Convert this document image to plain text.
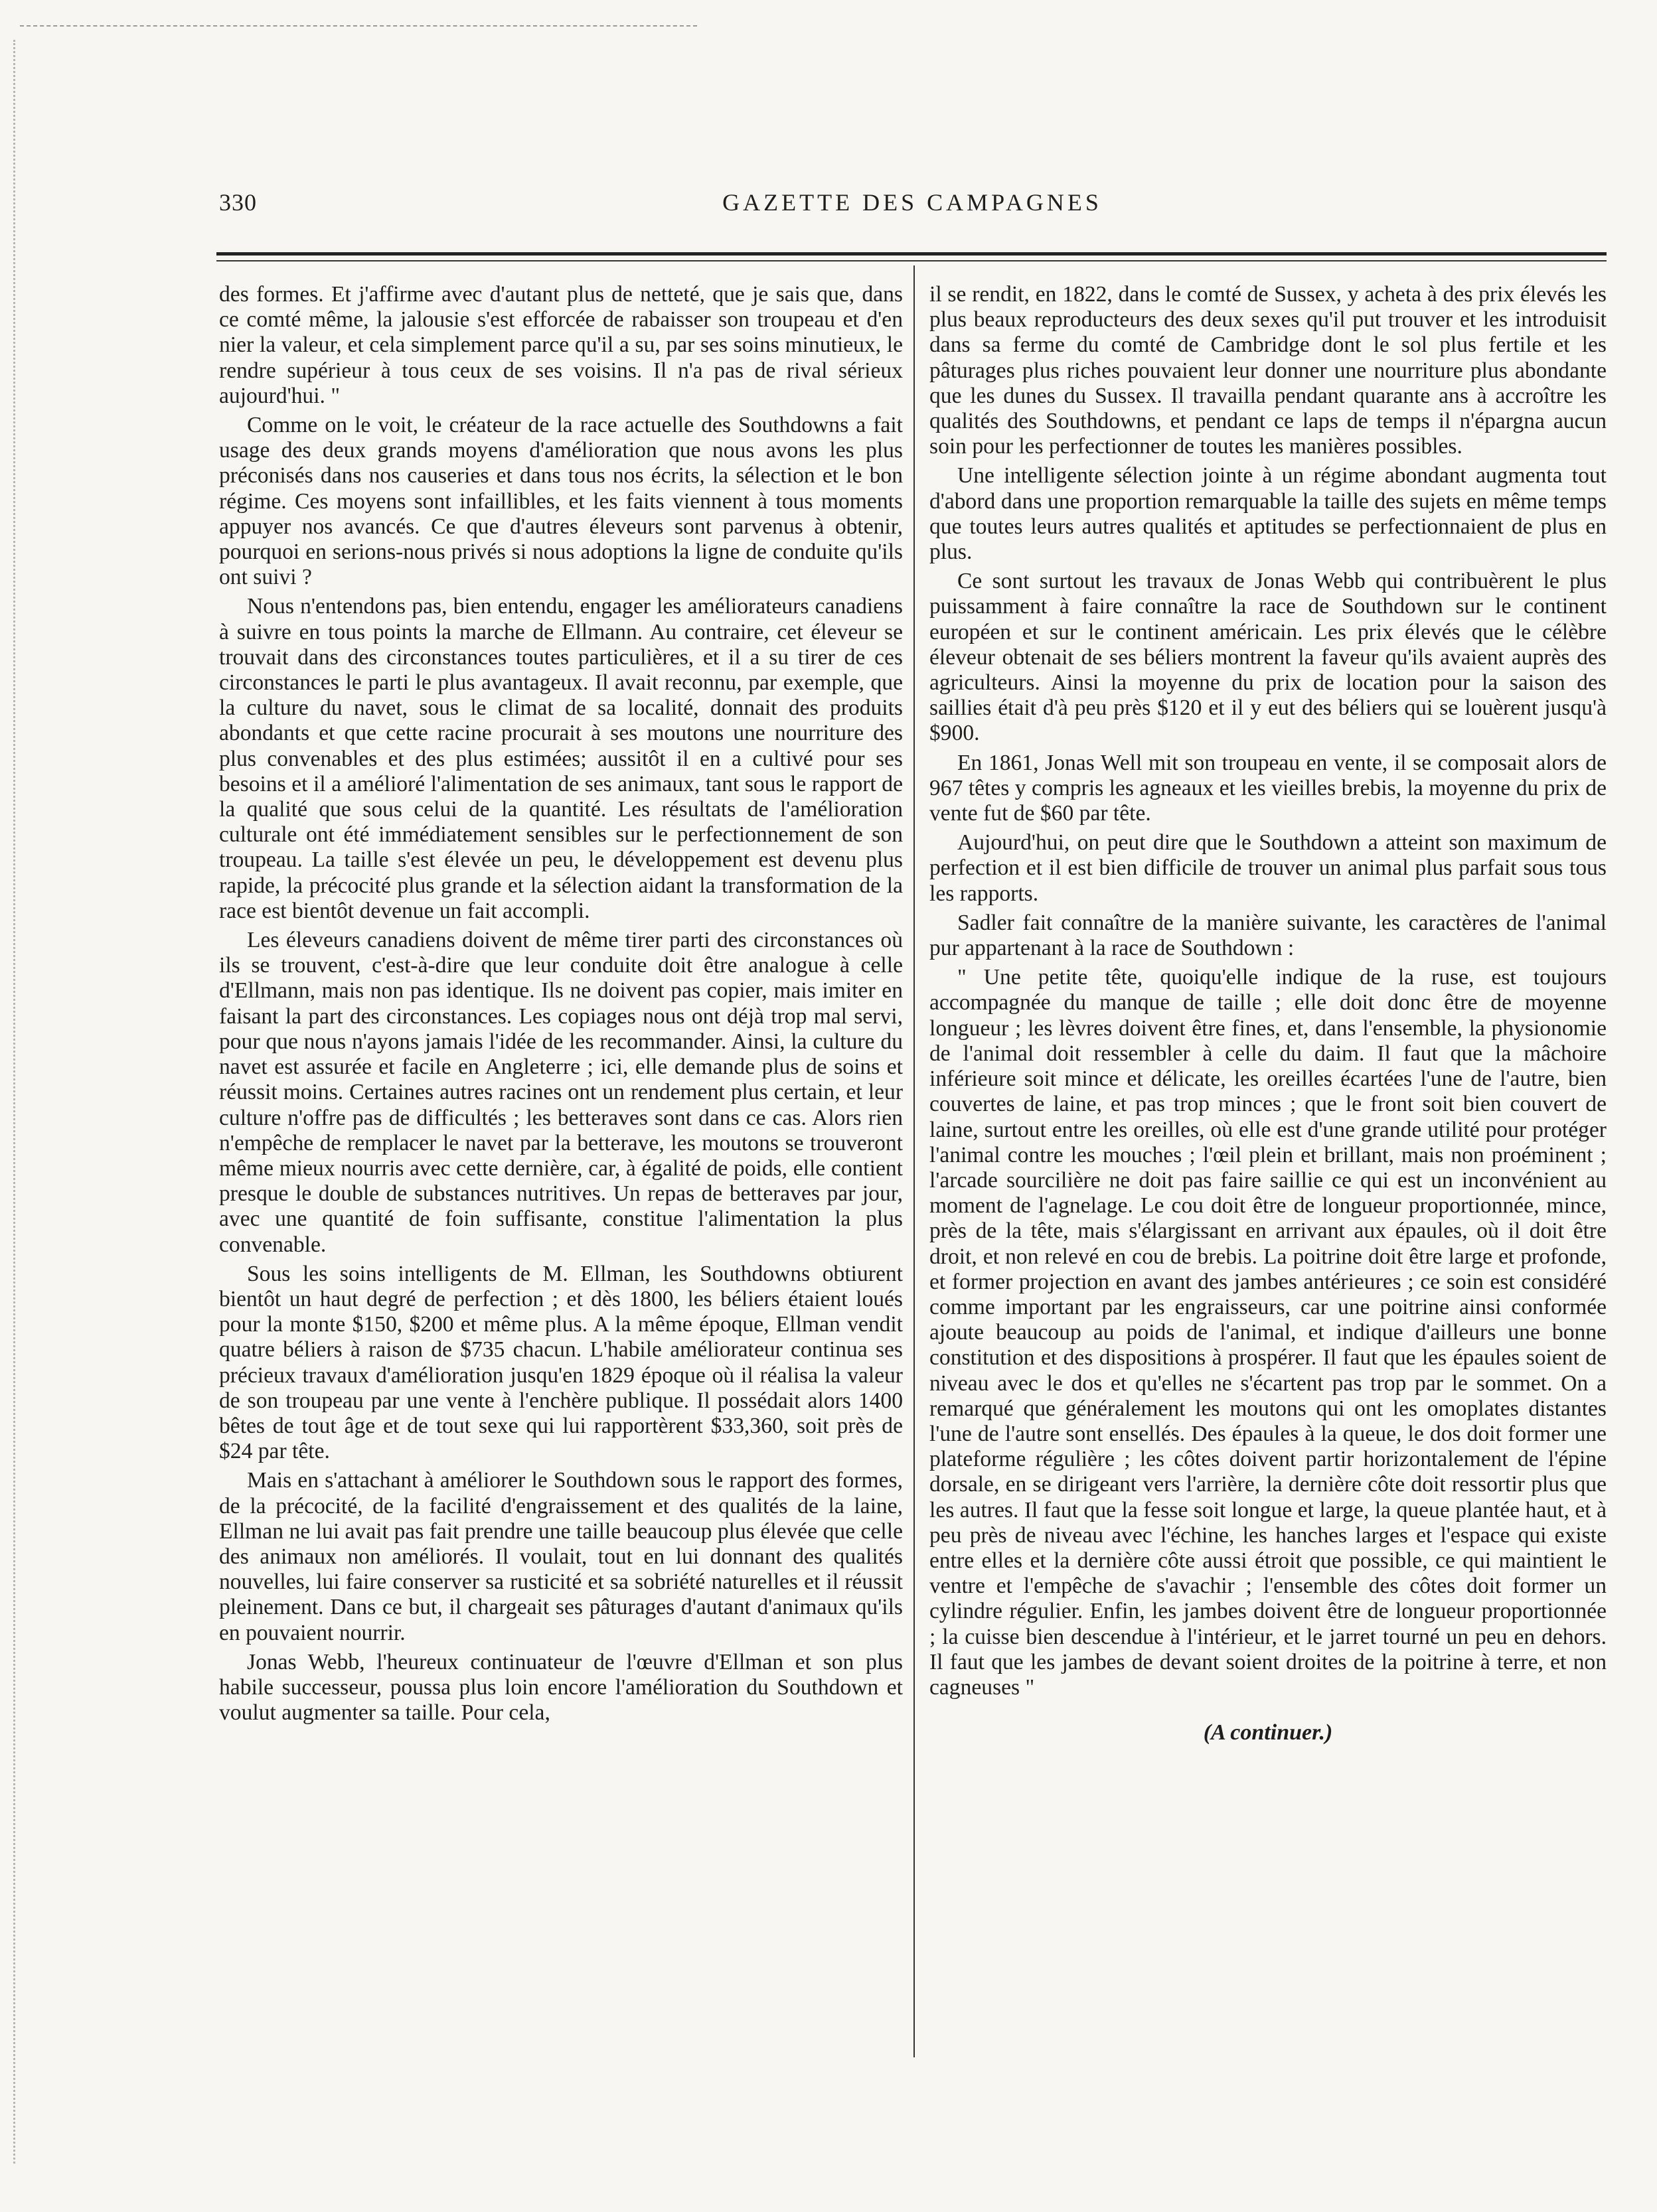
330	GAZETTE DES CAMPAGNES

des formes. Et j'affirme avec d'autant plus de netteté, que je sais que, dans ce comté même, la jalousie s'est efforcée de rabaisser son troupeau et d'en nier la valeur, et cela simplement parce qu'il a su, par ses soins minutieux, le rendre supérieur à tous ceux de ses voisins. Il n'a pas de rival sérieux aujourd'hui. "

Comme on le voit, le créateur de la race actuelle des Southdowns a fait usage des deux grands moyens d'amélioration que nous avons les plus préconisés dans nos causeries et dans tous nos écrits, la sélection et le bon régime. Ces moyens sont infaillibles, et les faits viennent à tous moments appuyer nos avancés. Ce que d'autres éleveurs sont parvenus à obtenir, pourquoi en serions-nous privés si nous adoptions la ligne de conduite qu'ils ont suivi ?

Nous n'entendons pas, bien entendu, engager les améliorateurs canadiens à suivre en tous points la marche de Ellmann. Au contraire, cet éleveur se trouvait dans des circonstances toutes particulières, et il a su tirer de ces circonstances le parti le plus avantageux. Il avait reconnu, par exemple, que la culture du navet, sous le climat de sa localité, donnait des produits abondants et que cette racine procurait à ses moutons une nourriture des plus convenables et des plus estimées; aussitôt il en a cultivé pour ses besoins et il a amélioré l'alimentation de ses animaux, tant sous le rapport de la qualité que sous celui de la quantité. Les résultats de l'amélioration culturale ont été immédiatement sensibles sur le perfectionnement de son troupeau. La taille s'est élevée un peu, le développement est devenu plus rapide, la précocité plus grande et la sélection aidant la transformation de la race est bientôt devenue un fait accompli.

Les éleveurs canadiens doivent de même tirer parti des circonstances où ils se trouvent, c'est-à-dire que leur conduite doit être analogue à celle d'Ellmann, mais non pas identique. Ils ne doivent pas copier, mais imiter en faisant la part des circonstances. Les copiages nous ont déjà trop mal servi, pour que nous n'ayons jamais l'idée de les recommander. Ainsi, la culture du navet est assurée et facile en Angleterre ; ici, elle demande plus de soins et réussit moins. Certaines autres racines ont un rendement plus certain, et leur culture n'offre pas de difficultés ; les betteraves sont dans ce cas. Alors rien n'empêche de remplacer le navet par la betterave, les moutons se trouveront même mieux nourris avec cette dernière, car, à égalité de poids, elle contient presque le double de substances nutritives. Un repas de betteraves par jour, avec une quantité de foin suffisante, constitue l'alimentation la plus convenable.

Sous les soins intelligents de M. Ellman, les Southdowns obtiurent bientôt un haut degré de perfection ; et dès 1800, les béliers étaient loués pour la monte $150, $200 et même plus. A la même époque, Ellman vendit quatre béliers à raison de $735 chacun. L'habile améliorateur continua ses précieux travaux d'amélioration jusqu'en 1829 époque où il réalisa la valeur de son troupeau par une vente à l'enchère publique. Il possédait alors 1400 bêtes de tout âge et de tout sexe qui lui rapportèrent $33,360, soit près de $24 par tête.

Mais en s'attachant à améliorer le Southdown sous le rapport des formes, de la précocité, de la facilité d'engraissement et des qualités de la laine, Ellman ne lui avait pas fait prendre une taille beaucoup plus élevée que celle des animaux non améliorés. Il voulait, tout en lui donnant des qualités nouvelles, lui faire conserver sa rusticité et sa sobriété naturelles et il réussit pleinement. Dans ce but, il chargeait ses pâturages d'autant d'animaux qu'ils en pouvaient nourrir.

Jonas Webb, l'heureux continuateur de l'œuvre d'Ellman et son plus habile successeur, poussa plus loin encore l'amélioration du Southdown et voulut augmenter sa taille. Pour cela,

il se rendit, en 1822, dans le comté de Sussex, y acheta à des prix élevés les plus beaux reproducteurs des deux sexes qu'il put trouver et les introduisit dans sa ferme du comté de Cambridge dont le sol plus fertile et les pâturages plus riches pouvaient leur donner une nourriture plus abondante que les dunes du Sussex. Il travailla pendant quarante ans à accroître les qualités des Southdowns, et pendant ce laps de temps il n'épargna aucun soin pour les perfectionner de toutes les manières possibles.

Une intelligente sélection jointe à un régime abondant augmenta tout d'abord dans une proportion remarquable la taille des sujets en même temps que toutes leurs autres qualités et aptitudes se perfectionnaient de plus en plus.

Ce sont surtout les travaux de Jonas Webb qui contribuèrent le plus puissamment à faire connaître la race de Southdown sur le continent européen et sur le continent américain. Les prix élevés que le célèbre éleveur obtenait de ses béliers montrent la faveur qu'ils avaient auprès des agriculteurs. Ainsi la moyenne du prix de location pour la saison des saillies était d'à peu près $120 et il y eut des béliers qui se louèrent jusqu'à $900.

En 1861, Jonas Well mit son troupeau en vente, il se composait alors de 967 têtes y compris les agneaux et les vieilles brebis, la moyenne du prix de vente fut de $60 par tête.

Aujourd'hui, on peut dire que le Southdown a atteint son maximum de perfection et il est bien difficile de trouver un animal plus parfait sous tous les rapports.

Sadler fait connaître de la manière suivante, les caractères de l'animal pur appartenant à la race de Southdown :

" Une petite tête, quoiqu'elle indique de la ruse, est toujours accompagnée du manque de taille ; elle doit donc être de moyenne longueur ; les lèvres doivent être fines, et, dans l'ensemble, la physionomie de l'animal doit ressembler à celle du daim. Il faut que la mâchoire inférieure soit mince et délicate, les oreilles écartées l'une de l'autre, bien couvertes de laine, et pas trop minces ; que le front soit bien couvert de laine, surtout entre les oreilles, où elle est d'une grande utilité pour protéger l'animal contre les mouches ; l'œil plein et brillant, mais non proéminent ; l'arcade sourcilière ne doit pas faire saillie ce qui est un inconvénient au moment de l'agnelage. Le cou doit être de longueur proportionnée, mince, près de la tête, mais s'élargissant en arrivant aux épaules, où il doit être droit, et non relevé en cou de brebis. La poitrine doit être large et profonde, et former projection en avant des jambes antérieures ; ce soin est considéré comme important par les engraisseurs, car une poitrine ainsi conformée ajoute beaucoup au poids de l'animal, et indique d'ailleurs une bonne constitution et des dispositions à prospérer. Il faut que les épaules soient de niveau avec le dos et qu'elles ne s'écartent pas trop par le sommet. On a remarqué que généralement les moutons qui ont les omoplates distantes l'une de l'autre sont ensellés. Des épaules à la queue, le dos doit former une plateforme régulière ; les côtes doivent partir horizontalement de l'épine dorsale, en se dirigeant vers l'arrière, la dernière côte doit ressortir plus que les autres. Il faut que la fesse soit longue et large, la queue plantée haut, et à peu près de niveau avec l'échine, les hanches larges et l'espace qui existe entre elles et la dernière côte aussi étroit que possible, ce qui maintient le ventre et l'empêche de s'avachir ; l'ensemble des côtes doit former un cylindre régulier. Enfin, les jambes doivent être de longueur proportionnée ; la cuisse bien descendue à l'intérieur, et le jarret tourné un peu en dehors. Il faut que les jambes de devant soient droites de la poitrine à terre, et non cagneuses "

(A continuer.)
